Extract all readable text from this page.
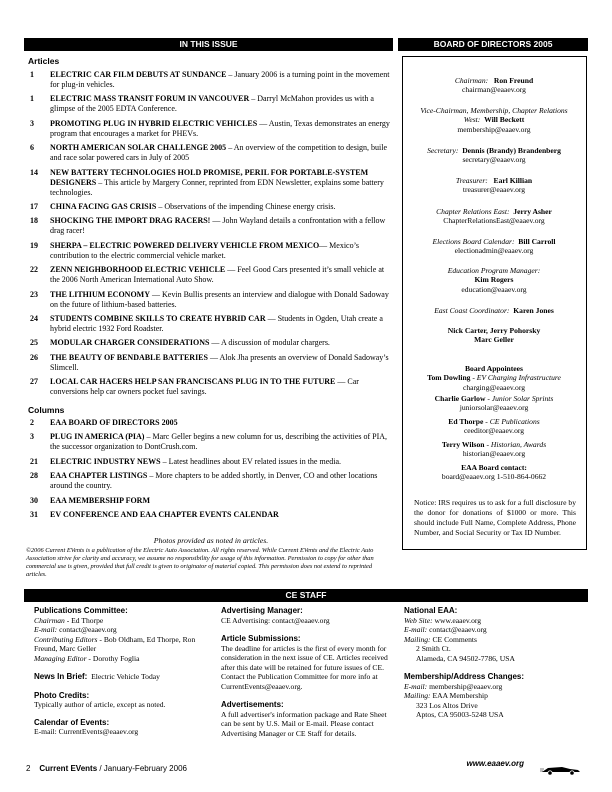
IN THIS ISSUE	BOARD OF DIRECTORS 2005
Articles
1 ELECTRIC CAR FILM DEBUTS AT SUNDANCE – January 2006 is a turning point in the movement for plug-in vehicles.
1 ELECTRIC MASS TRANSIT FORUM IN VANCOUVER – Darryl McMahon provides us with a glimpse of the 2005 EDTA Conference.
3 PROMOTING PLUG IN HYBRID ELECTRIC VEHICLES — Austin, Texas demonstrates an energy program that encourages a market for PHEVs.
6 NORTH AMERICAN SOLAR CHALLENGE 2005 – An overview of the competition to design, buile and race solar powered cars in July of 2005
14 NEW BATTERY TECHNOLOGIES HOLD PROMISE, PERIL FOR PORTABLE-SYSTEM DESIGNERS – This article by Margery Conner, reprinted from EDN Newsletter, explains some battery technologies.
17 CHINA FACING GAS CRISIS – Observations of the impending Chinese energy crisis.
18 SHOCKING THE IMPORT DRAG RACERS! — John Wayland details a confrontation with a fellow drag racer!
19 SHERPA – ELECTRIC POWERED DELIVERY VEHICLE FROM MEXICO— Mexico’s contribution to the electric commercial vehicle market.
22 ZENN NEIGHBORHOOD ELECTRIC VEHICLE — Feel Good Cars presented it’s small vehicle at the 2006 North American International Auto Show.
23 THE LITHIUM ECONOMY — Kevin Bullis presents an interview and dialogue with Donald Sadoway on the future of lithium-based batteries.
24 STUDENTS COMBINE SKILLS TO CREATE HYBRID CAR — Students in Ogden, Utah create a hybrid electric 1932 Ford Roadster.
25 MODULAR CHARGER CONSIDERATIONS — A discussion of modular chargers.
26 THE BEAUTY OF BENDABLE BATTERIES — Alok Jha presents an overview of Donald Sadoway’s Slimcell.
27 LOCAL CAR HACERS HELP SAN FRANCISCANS PLUG IN TO THE FUTURE — Car conversions help car owners pocket fuel savings.
Columns
2 EAA BOARD OF DIRECTORS 2005
3 PLUG IN AMERICA (PIA) – Marc Geller begins a new column for us, describing the activities of PIA, the successor organization to DontCrush.com.
21 ELECTRIC INDUSTRY NEWS – Latest headlines about EV related issues in the media.
28 EAA CHAPTER LISTINGS – More chapters to be added shortly, in Denver, CO and other locations around the country.
30 EAA MEMBERSHIP FORM
31 EV CONFERENCE AND EAA CHAPTER EVENTS CALENDAR
Photos provided as noted in articles.
©2006 Current EVents is a publication of the Electric Auto Association. All rights reserved. While Current EVents and the Electric Auto Association strive for clarity and accuracy, we assume no responsibility for usage of this information. Permission to copy for other than commercial use is given, provided that full credit is given to originator of material copied. This permission does not extend to reprinted articles.
Chairman: Ron Freund
chairman@eaaev.org
Vice-Chairman, Membership, Chapter Relations West: Will Beckett
membership@eaaev.org
Secretary: Dennis (Brandy) Brandenberg
secretary@eaaev.org
Treasurer: Earl Killian
treasurer@eaaev.org
Chapter Relations East: Jerry Asher
ChapterRelationsEast@eaaev.org
Elections Board Calendar: Bill Carroll
electionadmin@eaaev.org
Education Program Manager:
Kim Rogers
education@eaaev.org
East Coast Coordinator: Karen Jones
Nick Carter, Jerry Pohorsky
Marc Geller
Board Appointees
Tom Dowling - EV Charging Infrastructure
charging@eaaev.org
Charlie Garlow - Junior Solar Sprints
juniorsolar@eaaev.org
Ed Thorpe - CE Publications
ceeditor@eaaev.org
Terry Wilson - Historian, Awards
historian@eaaev.org
EAA Board contact:
board@eaaev.org 1-510-864-0662
Notice: IRS requires us to ask for a full disclosure by the donor for donations of $1000 or more. This should include Full Name, Complete Address, Phone Number, and Social Security or Tax ID Number.
CE STAFF
Publications Committee:
Chairman - Ed Thorpe
E-mail: contact@eaaev.org
Contributing Editors - Bob Oldham, Ed Thorpe, Ron Freund, Marc Geller
Managing Editor - Dorothy Foglia
News In Brief: Electric Vehicle Today
Photo Credits:
Typically author of article, except as noted.
Calendar of Events:
E-mail: CurrentEvents@eaaev.org
Advertising Manager:
CE Advertising: contact@eaaev.org
Article Submissions:
The deadline for articles is the first of every month for consideration in the next issue of CE. Articles received after this date will be retained for future issues of CE. Contact the Publication Committee for more info at CurrentEvents@eaaev.org.
Advertisements:
A full advertiser's information package and Rate Sheet can be sent by U.S. Mail or E-mail. Please contact Advertising Manager or CE Staff for details.
National EAA:
Web Site: www.eaaev.org
E-mail: contact@eaaev.org
Mailing: CE Comments
2 Smith Ct.
Alameda, CA 94502-7786, USA
Membership/Address Changes:
E-mail: membership@eaaev.org
Mailing: EAA Membership
323 Los Altos Drive
Aptos, CA 95003-5248 USA
www.eaaev.org
2 Current EVents / January-February 2006
